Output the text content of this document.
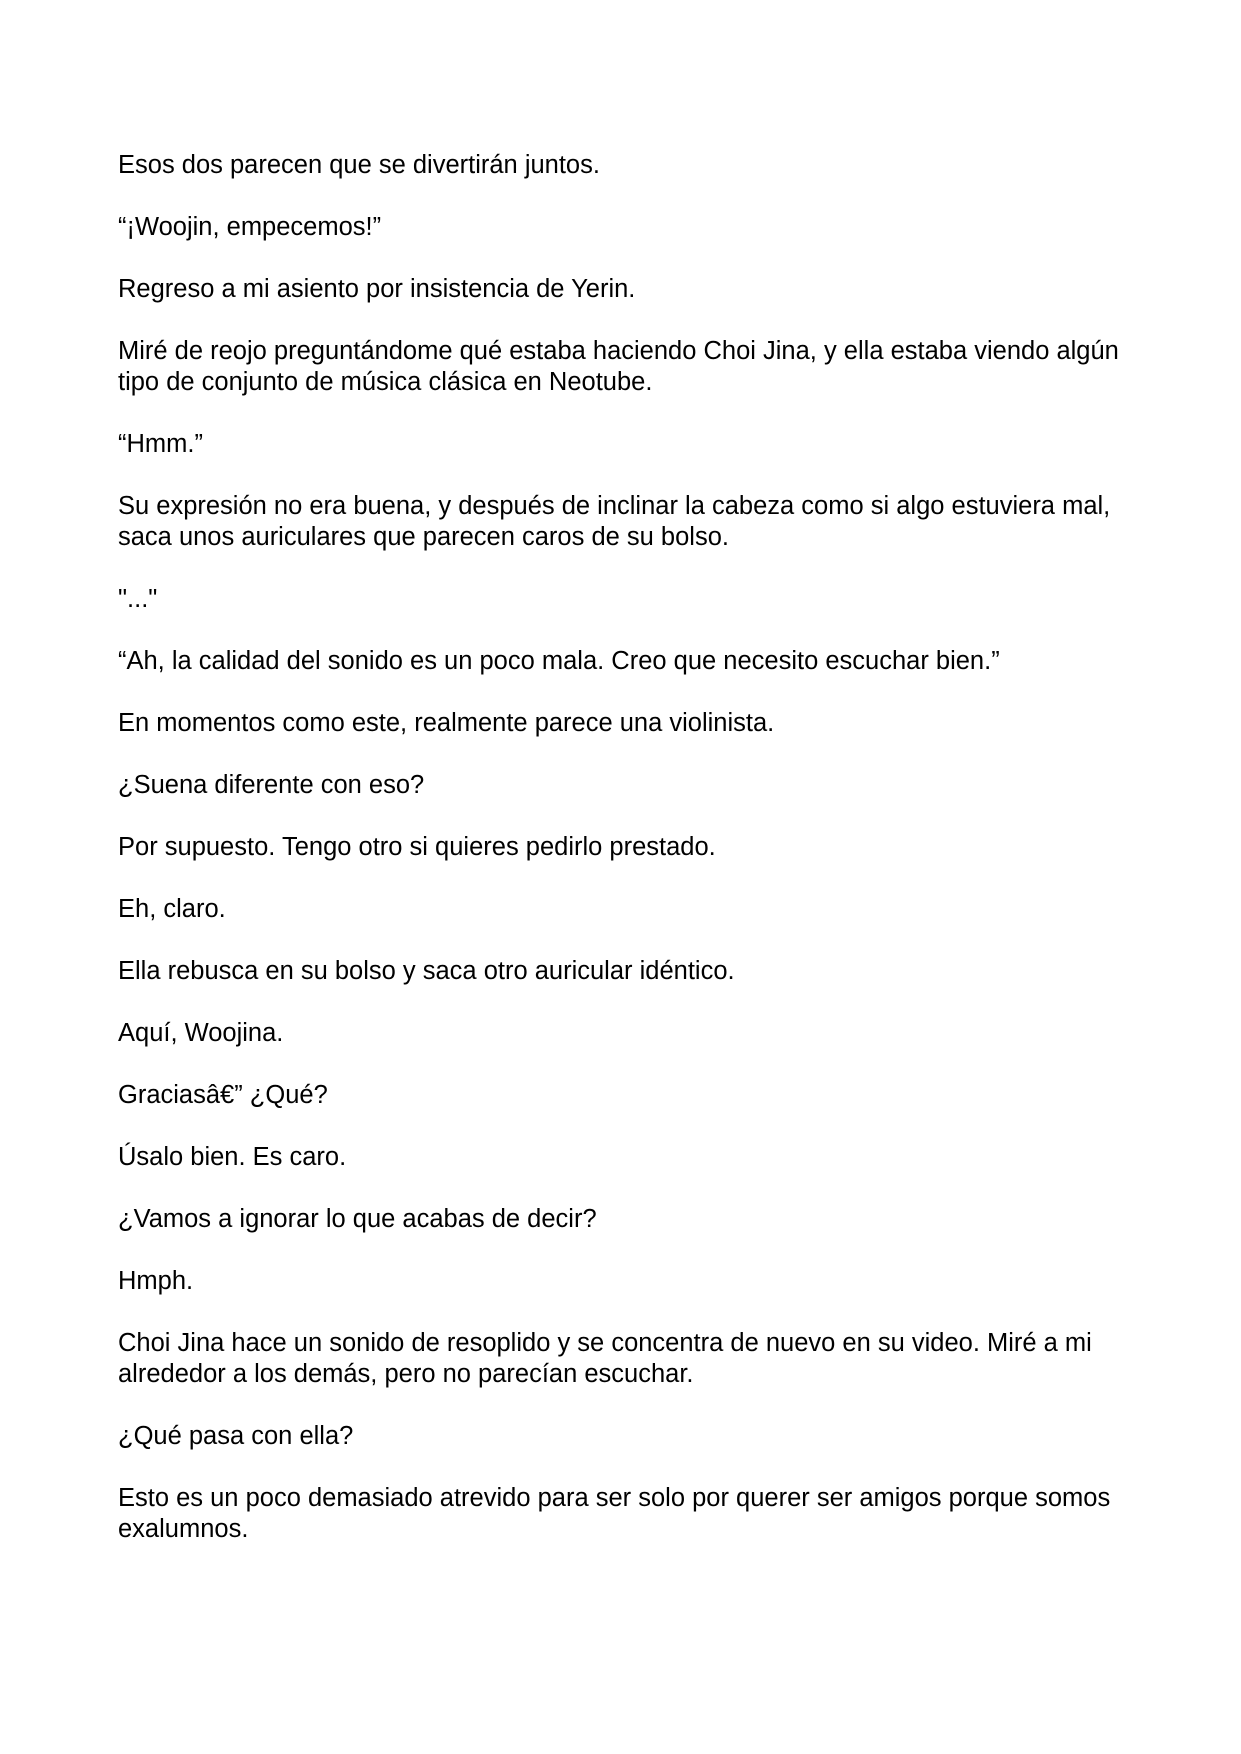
Esos dos parecen que se divertirán juntos.

“¡Woojin, empecemos!”

Regreso a mi asiento por insistencia de Yerin.

Miré de reojo preguntándome qué estaba haciendo Choi Jina, y ella estaba viendo algún tipo de conjunto de música clásica en Neotube.

“Hmm.”

Su expresión no era buena, y después de inclinar la cabeza como si algo estuviera mal, saca unos auriculares que parecen caros de su bolso.

"..."

“Ah, la calidad del sonido es un poco mala. Creo que necesito escuchar bien.”

En momentos como este, realmente parece una violinista.

¿Suena diferente con eso?

Por supuesto. Tengo otro si quieres pedirlo prestado.

Eh, claro.

Ella rebusca en su bolso y saca otro auricular idéntico.

Aquí, Woojina.

Graciasâ€” ¿Qué?

Úsalo bien. Es caro.

¿Vamos a ignorar lo que acabas de decir?

Hmph.

Choi Jina hace un sonido de resoplido y se concentra de nuevo en su video. Miré a mi alrededor a los demás, pero no parecían escuchar.

¿Qué pasa con ella?

Esto es un poco demasiado atrevido para ser solo por querer ser amigos porque somos exalumnos.
